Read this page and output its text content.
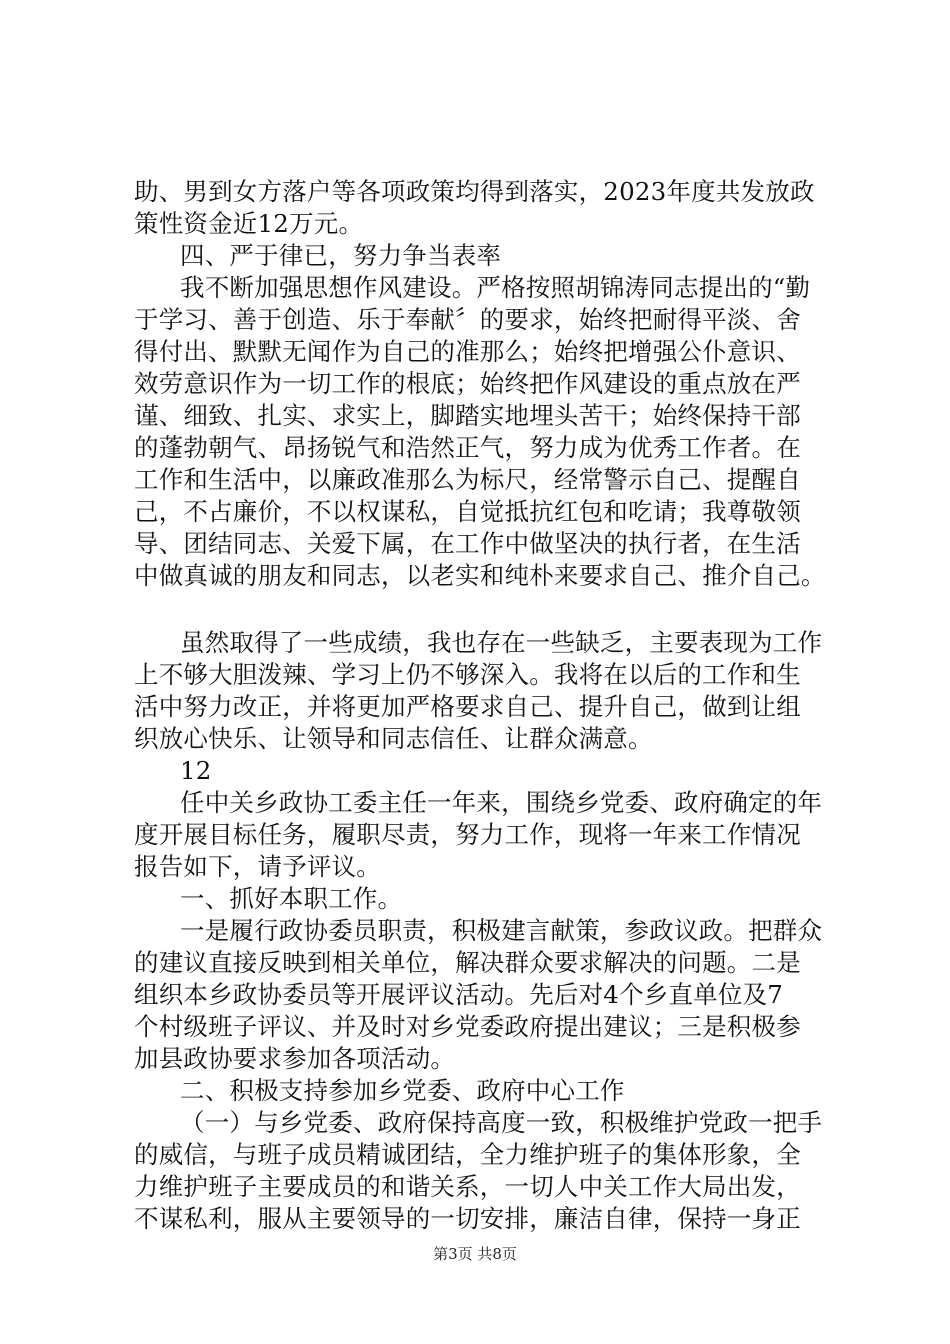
助、男到女方落户等各项政策均得到落实，2023年度共发放政
策性资金近12万元。
四、严于律已，努力争当表率
我不断加强思想作风建设。严格按照胡锦涛同志提出的“勤
于学习、善于创造、乐于奉献〞的要求，始终把耐得平淡、舍
得付出、默默无闻作为自己的准那么；始终把增强公仆意识、
效劳意识作为一切工作的根底；始终把作风建设的重点放在严
谨、细致、扎实、求实上，脚踏实地埋头苦干；始终保持干部
的蓬勃朝气、昂扬锐气和浩然正气，努力成为优秀工作者。在
工作和生活中，以廉政准那么为标尺，经常警示自己、提醒自
己，不占廉价，不以权谋私，自觉抵抗红包和吃请；我尊敬领
导、团结同志、关爱下属，在工作中做坚决的执行者，在生活
中做真诚的朋友和同志，以老实和纯朴来要求自己、推介自己。
虽然取得了一些成绩，我也存在一些缺乏，主要表现为工作
上不够大胆泼辣、学习上仍不够深入。我将在以后的工作和生
活中努力改正，并将更加严格要求自己、提升自己，做到让组
织放心快乐、让领导和同志信任、让群众满意。
12
任中关乡政协工委主任一年来，围绕乡党委、政府确定的年
度开展目标任务，履职尽责，努力工作，现将一年来工作情况
报告如下，请予评议。
一、抓好本职工作。
一是履行政协委员职责，积极建言献策，参政议政。把群众
的建议直接反映到相关单位，解决群众要求解决的问题。二是
组织本乡政协委员等开展评议活动。先后对4个乡直单位及7
个村级班子评议、并及时对乡党委政府提出建议；三是积极参
加县政协要求参加各项活动。
二、积极支持参加乡党委、政府中心工作
（一）与乡党委、政府保持高度一致，积极维护党政一把手
的威信，与班子成员精诚团结，全力维护班子的集体形象，全
力维护班子主要成员的和谐关系，一切人中关工作大局出发，
不谋私利，服从主要领导的一切安排，廉洁自律，保持一身正
第3页 共8页
